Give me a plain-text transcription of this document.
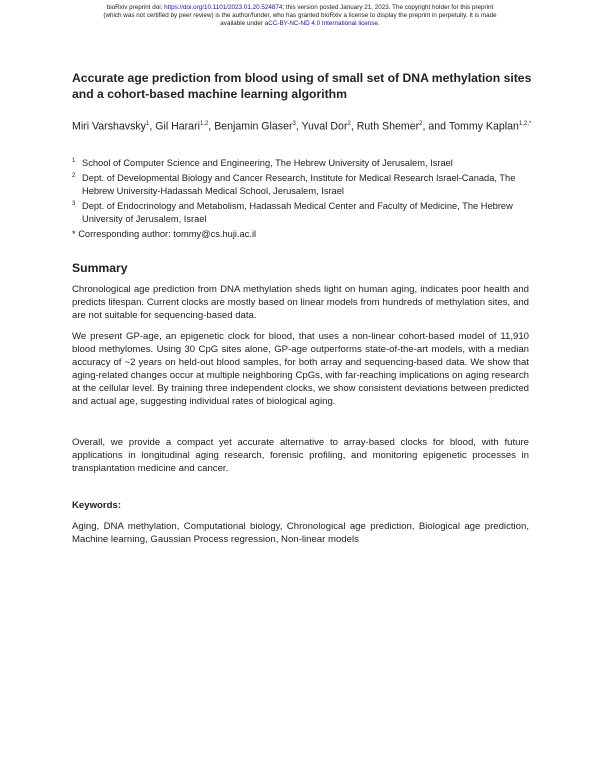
bioRxiv preprint doi: https://doi.org/10.1101/2023.01.20.524874; this version posted January 21, 2023. The copyright holder for this preprint
(which was not certified by peer review) is the author/funder, who has granted bioRxiv a license to display the preprint in perpetuity. It is made
available under aCC-BY-NC-ND 4.0 International license.
Accurate age prediction from blood using of small set of DNA methylation sites and a cohort-based machine learning algorithm
Miri Varshavsky$^1$, Gil Harari$^{1,2}$, Benjamin Glaser$^3$, Yuval Dor$^2$, Ruth Shemer$^2$, and Tommy Kaplan$^{1,2,*}$
1 School of Computer Science and Engineering, The Hebrew University of Jerusalem, Israel
2 Dept. of Developmental Biology and Cancer Research, Institute for Medical Research Israel-Canada, The Hebrew University-Hadassah Medical School, Jerusalem, Israel
3 Dept. of Endocrinology and Metabolism, Hadassah Medical Center and Faculty of Medicine, The Hebrew University of Jerusalem, Israel
* Corresponding author: tommy@cs.huji.ac.il
Summary
Chronological age prediction from DNA methylation sheds light on human aging, indicates poor health and predicts lifespan. Current clocks are mostly based on linear models from hundreds of methylation sites, and are not suitable for sequencing-based data.
We present GP-age, an epigenetic clock for blood, that uses a non-linear cohort-based model of 11,910 blood methylomes. Using 30 CpG sites alone, GP-age outperforms state-of-the-art models, with a median accuracy of ~2 years on held-out blood samples, for both array and sequencing-based data. We show that aging-related changes occur at multiple neighboring CpGs, with far-reaching implications on aging research at the cellular level. By training three independent clocks, we show consistent deviations between predicted and actual age, suggesting individual rates of biological aging.
Overall, we provide a compact yet accurate alternative to array-based clocks for blood, with future applications in longitudinal aging research, forensic profiling, and monitoring epigenetic processes in transplantation medicine and cancer.
Keywords:
Aging, DNA methylation, Computational biology, Chronological age prediction, Biological age prediction, Machine learning, Gaussian Process regression, Non-linear models
